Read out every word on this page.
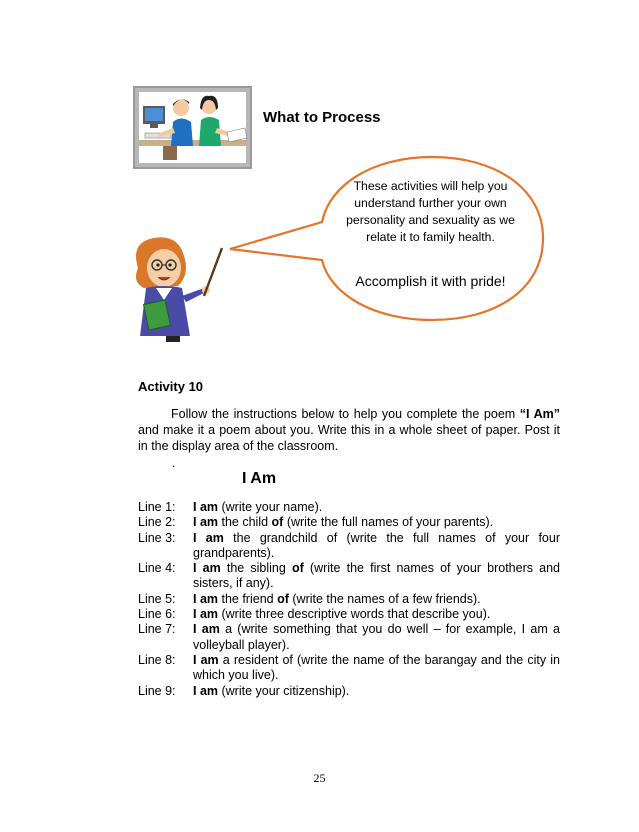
What to Process
These activities will help you understand further your own personality and sexuality as we relate it to family health.
Accomplish it with pride!
Activity 10
Follow the instructions below to help you complete the poem “I Am” and make it a poem about you. Write this in a whole sheet of paper. Post it in the display area of the classroom.
.
I Am
Line 1:	I am (write your name).
Line 2:	I am the child of (write the full names of your parents).
Line 3:	I am the grandchild of (write the full names of your four grandparents).
Line 4:	I am the sibling of (write the first names of your brothers and sisters, if any).
Line 5:	I am the friend of (write the names of a few friends).
Line 6:	I am (write three descriptive words that describe you).
Line 7:	I am a (write something that you do well – for example, I am a volleyball player).
Line 8:	I am a resident of (write the name of the barangay and the city in which you live).
Line 9:	I am (write your citizenship).
25
